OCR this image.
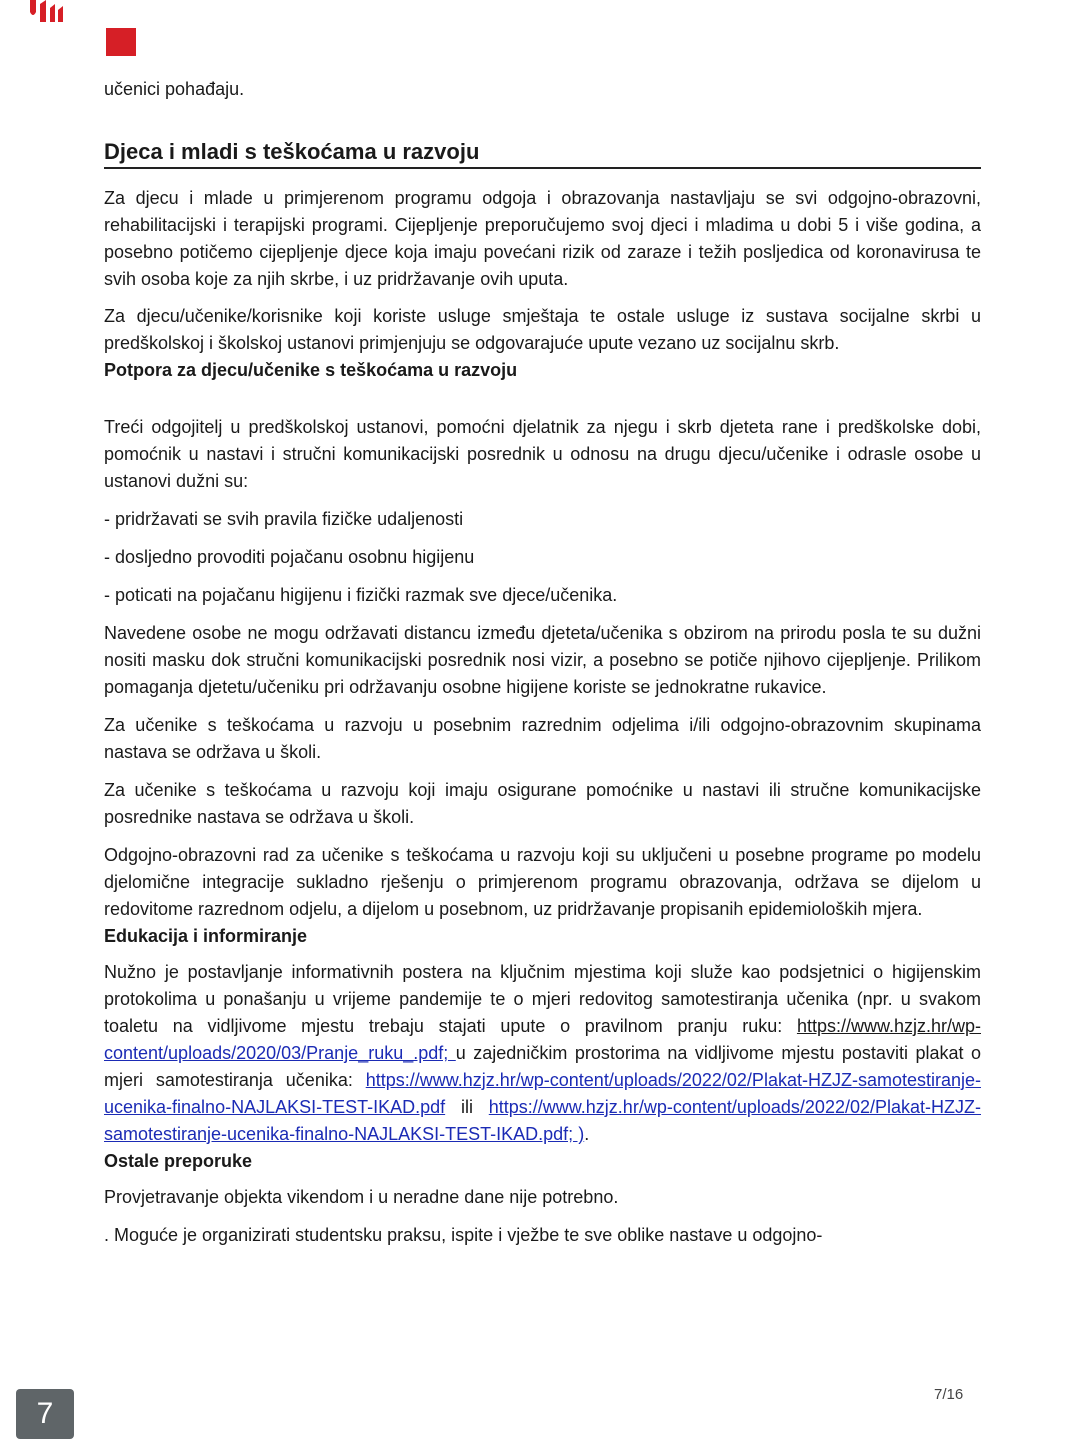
učenici pohađaju.

Djeca i mladi s teškoćama u razvoju

Za djecu i mlade u primjerenom programu odgoja i obrazovanja nastavljaju se svi odgojno-obrazovni, rehabilitacijski i terapijski programi. Cijepljenje preporučujemo svoj djeci i mladima u dobi 5 i više godina, a posebno potičemo cijepljenje djece koja imaju povećani rizik od zaraze i težih posljedica od koronavirusa te svih osoba koje za njih skrbe, i uz pridržavanje ovih uputa.

Za djecu/učenike/korisnike koji koriste usluge smještaja te ostale usluge iz sustava socijalne skrbi u predškolskoj i školskoj ustanovi primjenjuju se odgovarajuće upute vezano uz socijalnu skrb.

Potpora za djecu/učenike s teškoćama u razvoju

Treći odgojitelj u predškolskoj ustanovi, pomoćni djelatnik za njegu i skrb djeteta rane i predškolske dobi, pomoćnik u nastavi i stručni komunikacijski posrednik u odnosu na drugu djecu/učenike i odrasle osobe u ustanovi dužni su:

- pridržavati se svih pravila fizičke udaljenosti

- dosljedno provoditi pojačanu osobnu higijenu

- poticati na pojačanu higijenu i fizički razmak sve djece/učenika.

Navedene osobe ne mogu održavati distancu između djeteta/učenika s obzirom na prirodu posla te su dužni nositi masku dok stručni komunikacijski posrednik nosi vizir, a posebno se potiče njihovo cijepljenje. Prilikom pomaganja djetetu/učeniku pri održavanju osobne higijene koriste se jednokratne rukavice.

Za učenike s teškoćama u razvoju u posebnim razrednim odjelima i/ili odgojno-obrazovnim skupinama nastava se održava u školi.

Za učenike s teškoćama u razvoju koji imaju osigurane pomoćnike u nastavi ili stručne komunikacijske posrednike nastava se održava u školi.

Odgojno-obrazovni rad za učenike s teškoćama u razvoju koji su uključeni u posebne programe po modelu djelomične integracije sukladno rješenju o primjerenom programu obrazovanja, održava se dijelom u redovitome razrednom odjelu, a dijelom u posebnom, uz pridržavanje propisanih epidemioloških mjera.

Edukacija i informiranje

Nužno je postavljanje informativnih postera na ključnim mjestima koji služe kao podsjetnici o higijenskim protokolima u ponašanju u vrijeme pandemije te o mjeri redovitog samotestiranja učenika (npr. u svakom toaletu na vidljivome mjestu trebaju stajati upute o pravilnom pranju ruku: https://www.hzjz.hr/wp- content/uploads/2020/03/Pranje_ruku_.pdf; u zajedničkim prostorima na vidljivome mjestu postaviti plakat o mjeri samotestiranja učenika: https://www.hzjz.hr/wp-content/uploads/2022/02/Plakat-HZJZ-samotestiranje-ucenika-finalno-NAJLAKSI-TEST-IKAD.pdf ili https://www.hzjz.hr/wp-content/uploads/2022/02/Plakat-HZJZ-samotestiranje-ucenika-finalno-NAJLAKSI-TEST-IKAD.pdf; ).

Ostale preporuke

Provjetravanje objekta vikendom i u neradne dane nije potrebno.

. Moguće je organizirati studentsku praksu, ispite i vježbe te sve oblike nastave u odgojno-

7/16
7
